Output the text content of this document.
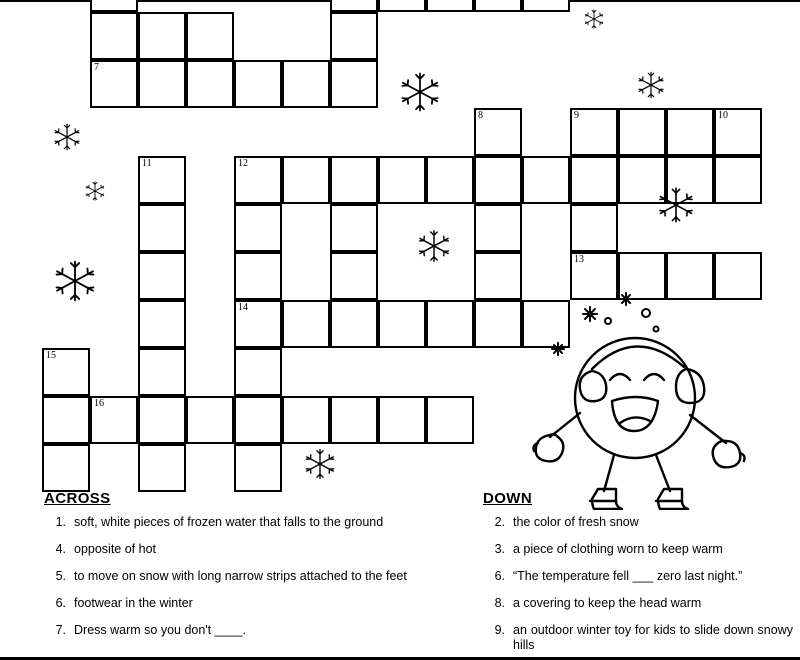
7
8	9	10
11	12
13
14
15
16
ACROSS
1. soft, white pieces of frozen water that falls to the ground
4. opposite of hot
5. to move on snow with long narrow strips attached to the feet
6. footwear in the winter
7. Dress warm so you don't ____.
DOWN
2. the color of fresh snow
3. a piece of clothing worn to keep warm
6. “The temperature fell ___ zero last night.”
8. a covering to keep the head warm
9. an outdoor winter toy for kids to slide down snowy hills
